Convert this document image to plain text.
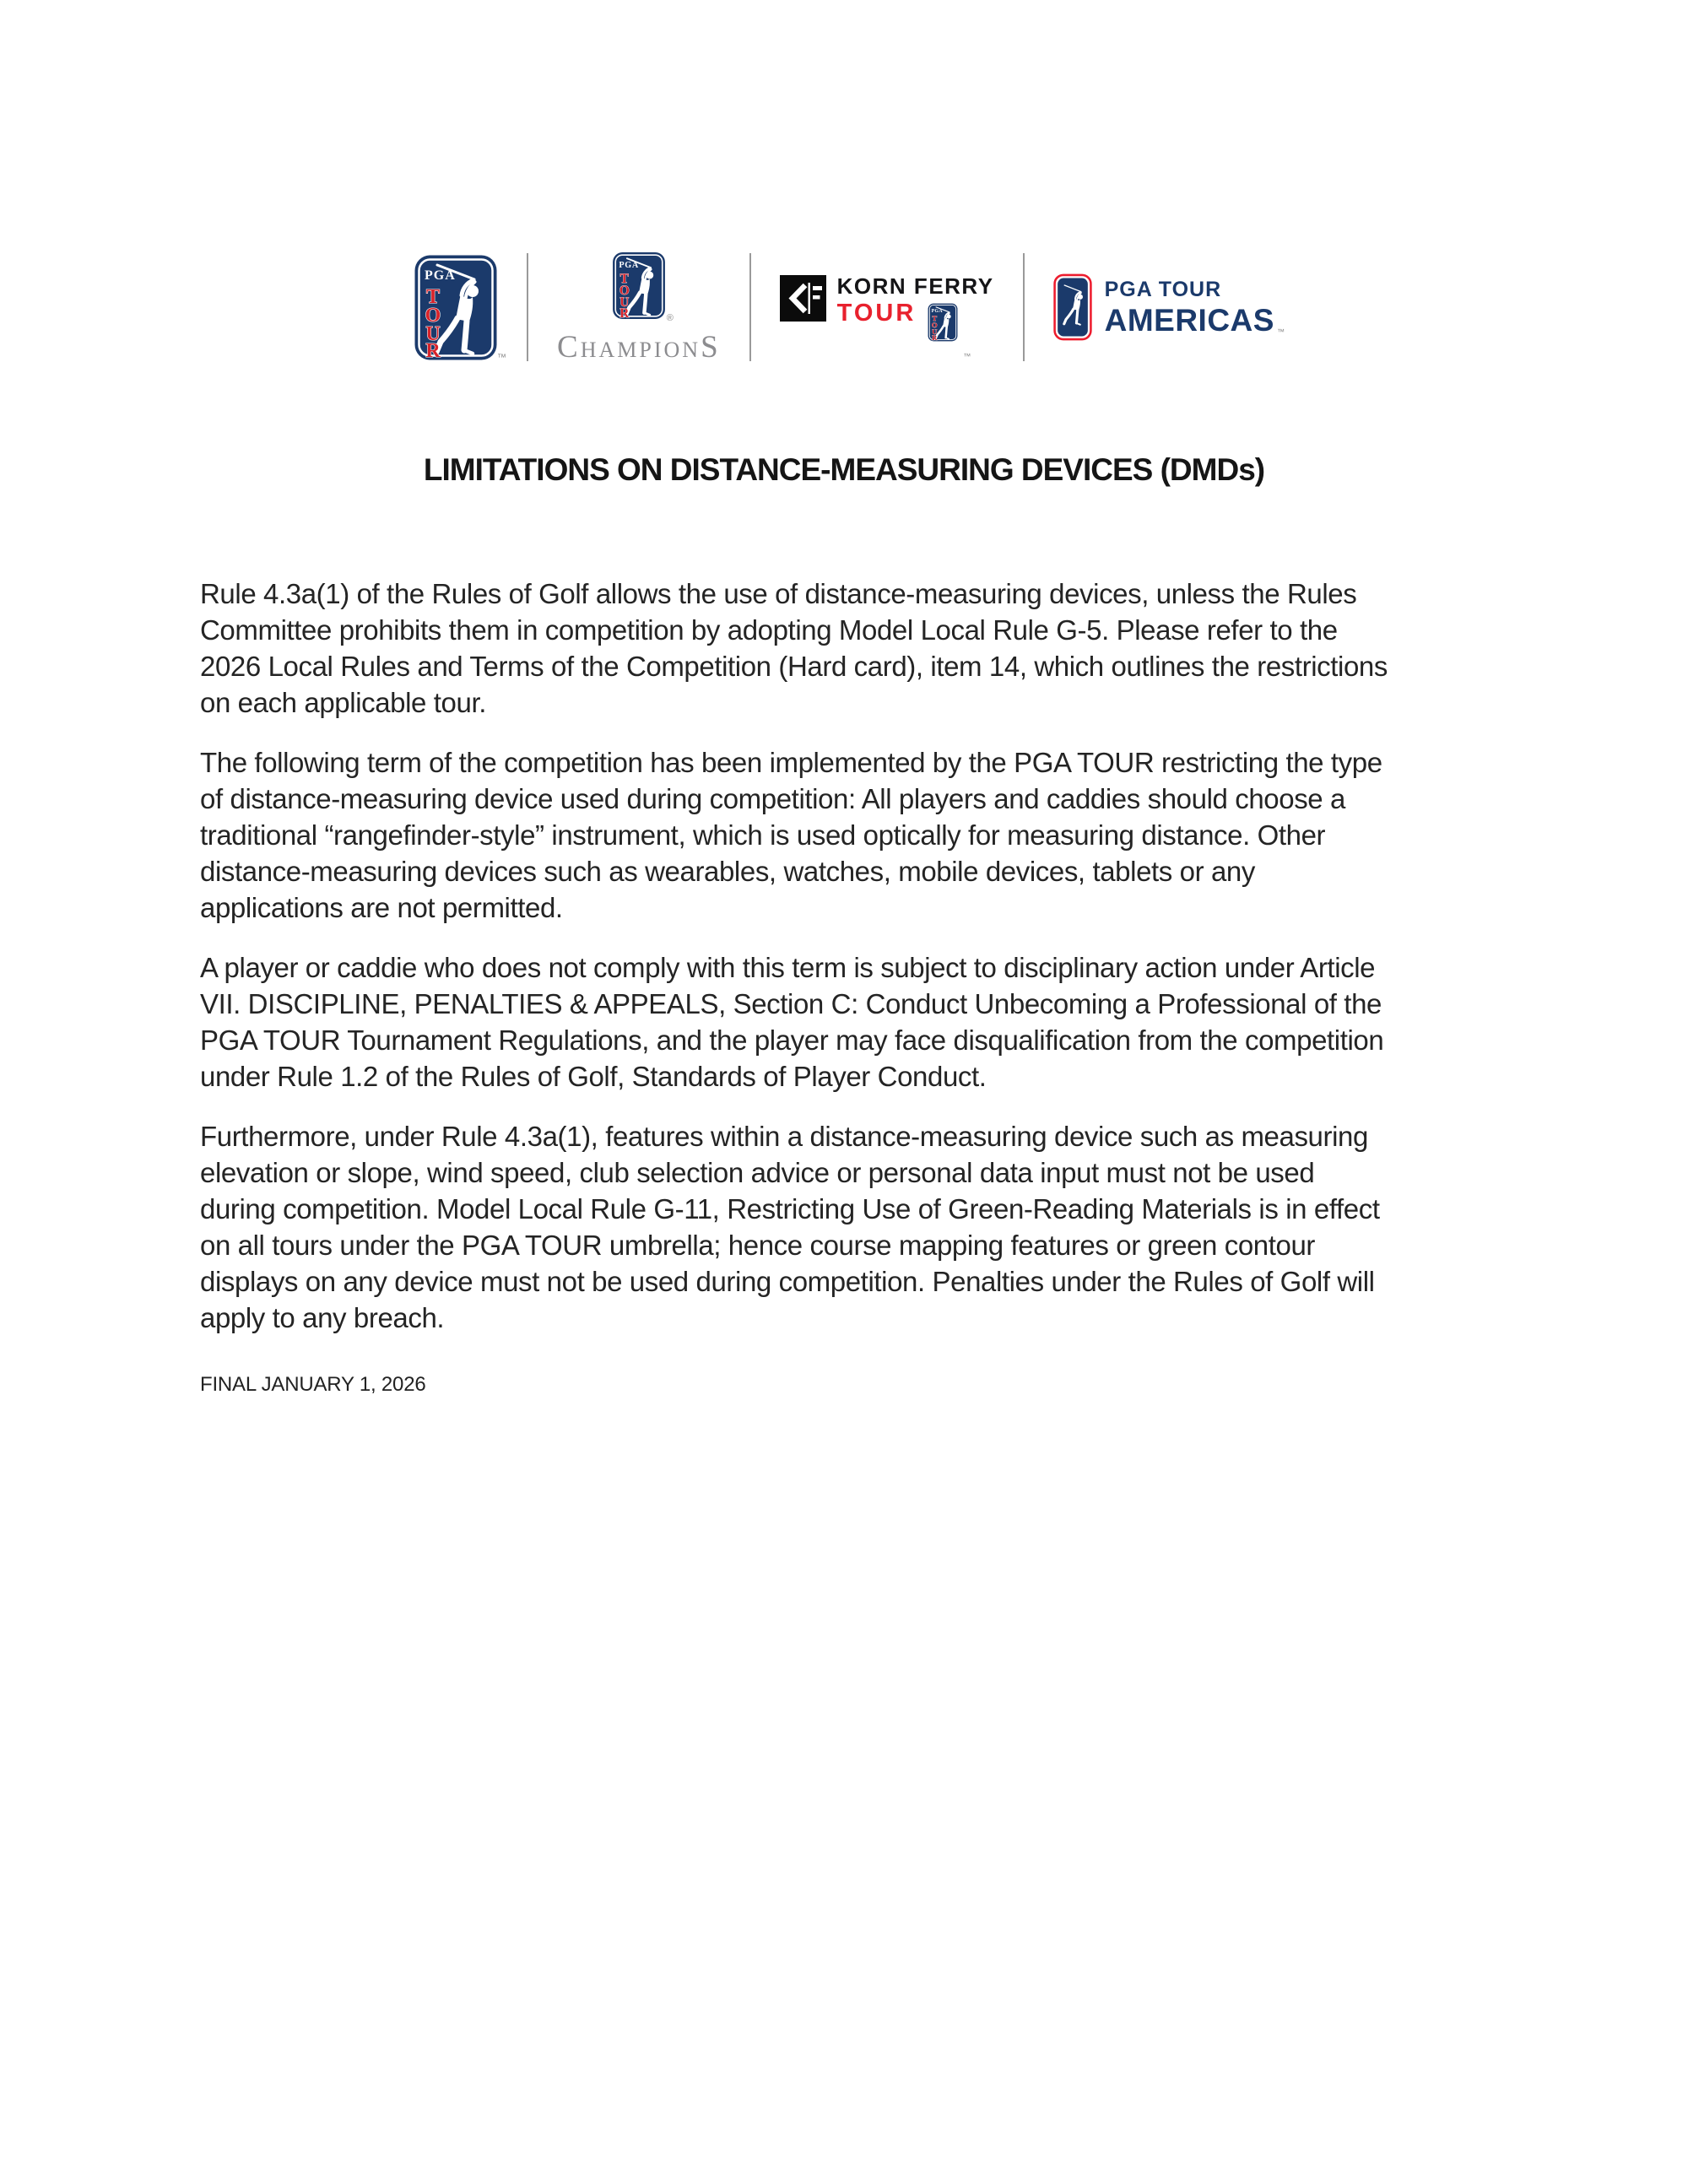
™
®
CHAMPIONS
KORN FERRY
TOUR
™
PGA TOUR
AMERICAS ™
LIMITATIONS ON DISTANCE-MEASURING DEVICES (DMDs)
Rule 4.3a(1) of the Rules of Golf allows the use of distance-measuring devices, unless the Rules
Committee prohibits them in competition by adopting Model Local Rule G-5. Please refer to the
2026 Local Rules and Terms of the Competition (Hard card), item 14, which outlines the restrictions
on each applicable tour.
The following term of the competition has been implemented by the PGA TOUR restricting the type
of distance-measuring device used during competition: All players and caddies should choose a
traditional “rangefinder-style” instrument, which is used optically for measuring distance. Other
distance-measuring devices such as wearables, watches, mobile devices, tablets or any
applications are not permitted.
A player or caddie who does not comply with this term is subject to disciplinary action under Article
VII. DISCIPLINE, PENALTIES & APPEALS, Section C: Conduct Unbecoming a Professional of the
PGA TOUR Tournament Regulations, and the player may face disqualification from the competition
under Rule 1.2 of the Rules of Golf, Standards of Player Conduct.
Furthermore, under Rule 4.3a(1), features within a distance-measuring device such as measuring
elevation or slope, wind speed, club selection advice or personal data input must not be used
during competition. Model Local Rule G-11, Restricting Use of Green-Reading Materials is in effect
on all tours under the PGA TOUR umbrella; hence course mapping features or green contour
displays on any device must not be used during competition. Penalties under the Rules of Golf will
apply to any breach.
FINAL JANUARY 1, 2026
